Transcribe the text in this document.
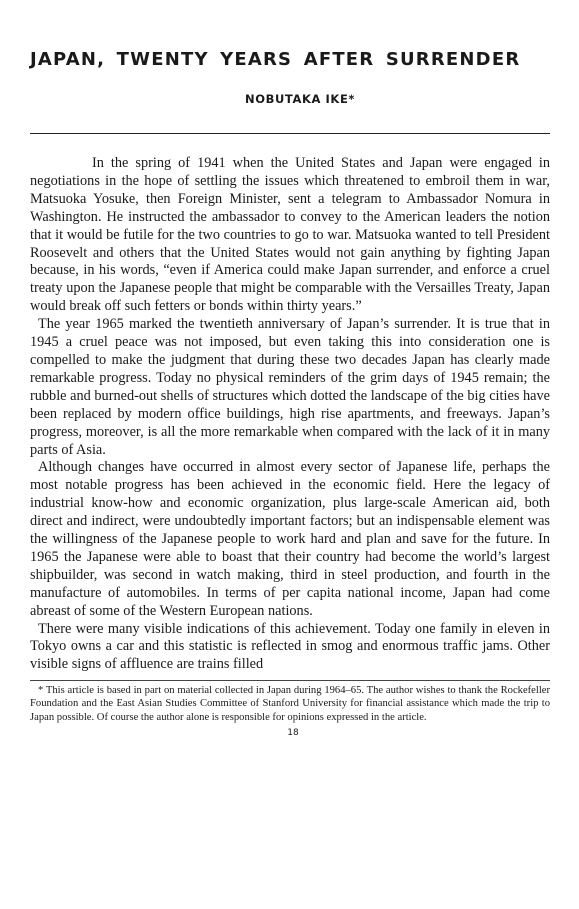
JAPAN, TWENTY YEARS AFTER SURRENDER
NOBUTAKA IKE*

In the spring of 1941 when the United States and Japan were engaged in negotiations in the hope of settling the issues which threatened to embroil them in war, Matsuoka Yosuke, then Foreign Minister, sent a telegram to Ambassador Nomura in Washington. He instructed the ambassador to convey to the American leaders the notion that it would be futile for the two countries to go to war. Matsuoka wanted to tell President Roosevelt and others that the United States would not gain anything by fighting Japan because, in his words, “even if America could make Japan surrender, and enforce a cruel treaty upon the Japanese people that might be comparable with the Versailles Treaty, Japan would break off such fetters or bonds within thirty years.”

The year 1965 marked the twentieth anniversary of Japan’s surrender. It is true that in 1945 a cruel peace was not imposed, but even taking this into consideration one is compelled to make the judgment that during these two decades Japan has clearly made remarkable progress. Today no physical reminders of the grim days of 1945 remain; the rubble and burned-out shells of structures which dotted the landscape of the big cities have been replaced by modern office buildings, high rise apartments, and freeways. Japan’s progress, moreover, is all the more remarkable when compared with the lack of it in many parts of Asia.

Although changes have occurred in almost every sector of Japanese life, perhaps the most notable progress has been achieved in the economic field. Here the legacy of industrial know-how and economic organization, plus large-scale American aid, both direct and indirect, were undoubtedly important factors; but an indispensable element was the willingness of the Japanese people to work hard and plan and save for the future. In 1965 the Japanese were able to boast that their country had become the world’s largest shipbuilder, was second in watch making, third in steel production, and fourth in the manufacture of automobiles. In terms of per capita national income, Japan had come abreast of some of the Western European nations.

There were many visible indications of this achievement. Today one family in eleven in Tokyo owns a car and this statistic is reflected in smog and enormous traffic jams. Other visible signs of affluence are trains filled

* This article is based in part on material collected in Japan during 1964–65. The author wishes to thank the Rockefeller Foundation and the East Asian Studies Committee of Stanford University for financial assistance which made the trip to Japan possible. Of course the author alone is responsible for opinions expressed in the article.

18
